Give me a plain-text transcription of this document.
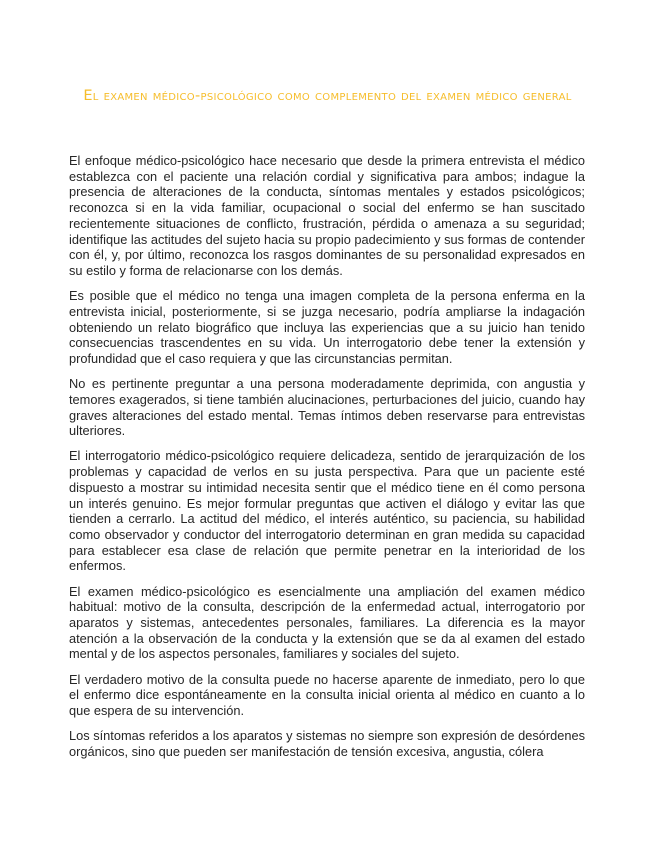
El examen médico-psicológico como complemento del examen médico general

El enfoque médico-psicológico hace necesario que desde la primera entrevista el médico establezca con el paciente una relación cordial y significativa para ambos; indague la presencia de alteraciones de la conducta, síntomas mentales y estados psicológicos; reconozca si en la vida familiar, ocupacional o social del enfermo se han suscitado recientemente situaciones de conflicto, frustración, pérdida o amenaza a su seguridad; identifique las actitudes del sujeto hacia su propio padecimiento y sus formas de contender con él, y, por último, reconozca los rasgos dominantes de su personalidad expresados en su estilo y forma de relacionarse con los demás.

Es posible que el médico no tenga una imagen completa de la persona enferma en la entrevista inicial, posteriormente, si se juzga necesario, podría ampliarse la indagación obteniendo un relato biográfico que incluya las experiencias que a su juicio han tenido consecuencias trascendentes en su vida. Un interrogatorio debe tener la extensión y profundidad que el caso requiera y que las circunstancias permitan.

No es pertinente preguntar a una persona moderadamente deprimida, con angustia y temores exagerados, si tiene también alucinaciones, perturbaciones del juicio, cuando hay graves alteraciones del estado mental. Temas íntimos deben reservarse para entrevistas ulteriores.

El interrogatorio médico-psicológico requiere delicadeza, sentido de jerarquización de los problemas y capacidad de verlos en su justa perspectiva. Para que un paciente esté dispuesto a mostrar su intimidad necesita sentir que el médico tiene en él como persona un interés genuino. Es mejor formular preguntas que activen el diálogo y evitar las que tienden a cerrarlo. La actitud del médico, el interés auténtico, su paciencia, su habilidad como observador y conductor del interrogatorio determinan en gran medida su capacidad para establecer esa clase de relación que permite penetrar en la interioridad de los enfermos.

El examen médico-psicológico es esencialmente una ampliación del examen médico habitual: motivo de la consulta, descripción de la enfermedad actual, interrogatorio por aparatos y sistemas, antecedentes personales, familiares. La diferencia es la mayor atención a la observación de la conducta y la extensión que se da al examen del estado mental y de los aspectos personales, familiares y sociales del sujeto.

El verdadero motivo de la consulta puede no hacerse aparente de inmediato, pero lo que el enfermo dice espontáneamente en la consulta inicial orienta al médico en cuanto a lo que espera de su intervención.

Los síntomas referidos a los aparatos y sistemas no siempre son expresión de desórdenes orgánicos, sino que pueden ser manifestación de tensión excesiva, angustia, cólera
